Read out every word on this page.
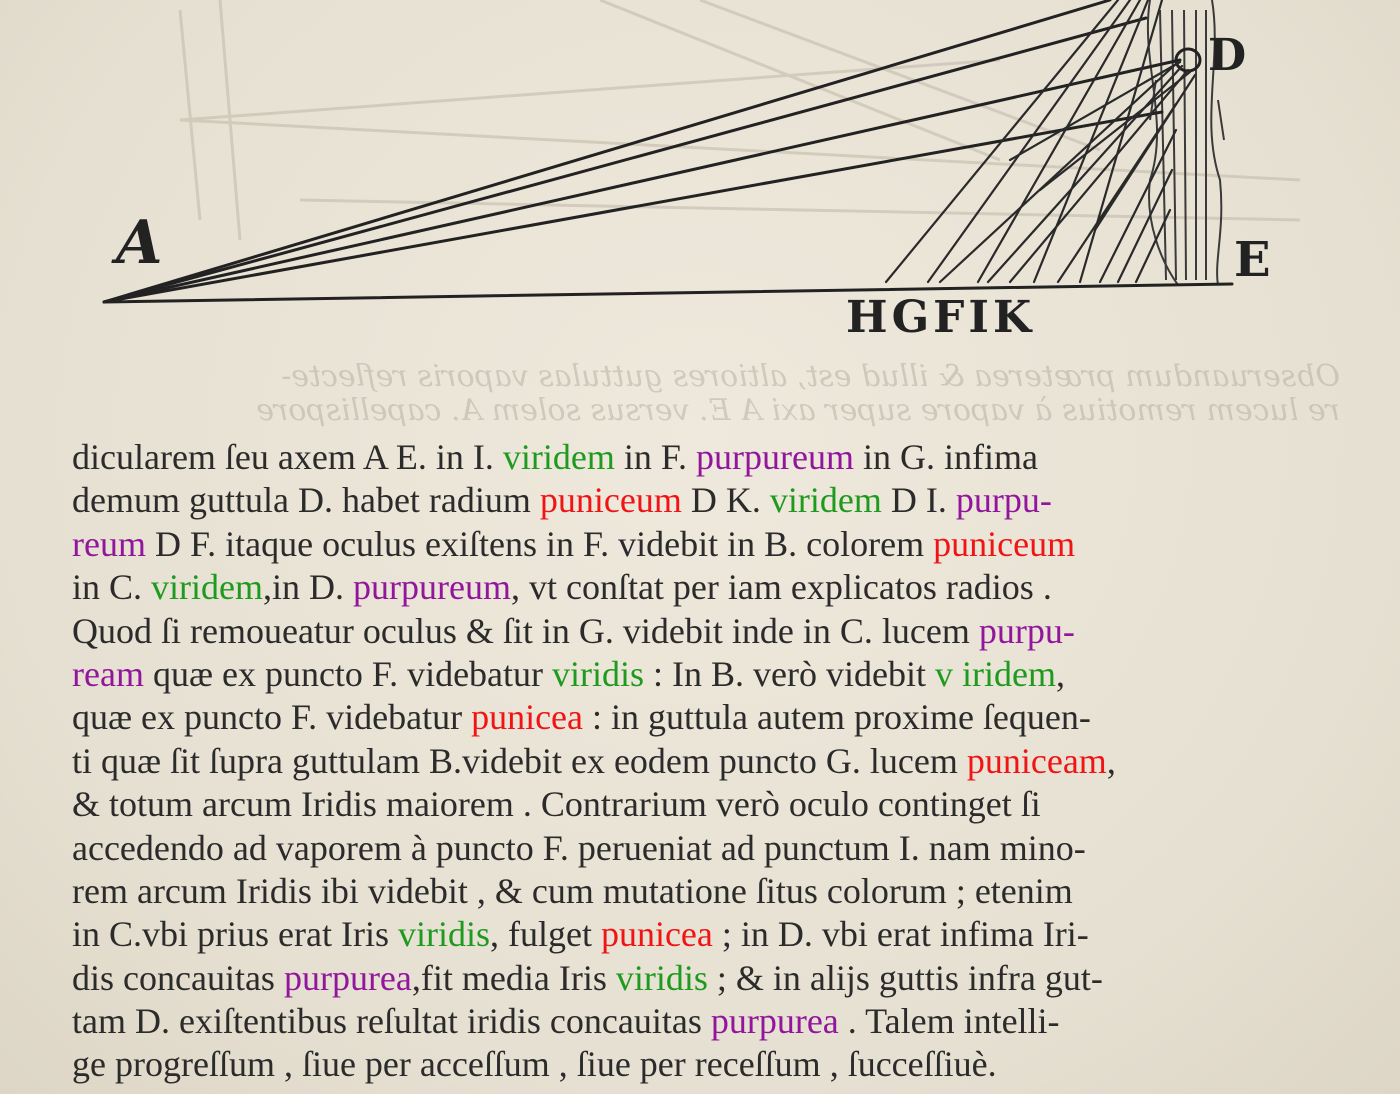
A
D
E
HGFIK
Obseruandum præterea & illud est, altiores guttulas vaporis reflecte-
re lucem remotius à vapore super axi A E. versus solem A. capellispore
dicularem ſeu axem A E. in I. viridem in F. purpureum in G. infima
demum guttula D. habet radium puniceum D K. viridem D I. purpu-
reum D F. itaque oculus exiſtens in F. videbit in B. colorem puniceum
in C. viridem,in D. purpureum, vt conſtat per iam explicatos radios .
Quod ſi remoueatur oculus & ſit in G. videbit inde in C. lucem purpu-
ream quæ ex puncto F. videbatur viridis : In B. verò videbit v iridem,
quæ ex puncto F. videbatur punicea : in guttula autem proxime ſequen-
ti quæ ſit ſupra guttulam B.videbit ex eodem puncto G. lucem puniceam,
& totum arcum Iridis maiorem . Contrarium verò oculo continget ſi
accedendo ad vaporem à puncto F. perueniat ad punctum I. nam mino-
rem arcum Iridis ibi videbit , & cum mutatione ſitus colorum ; etenim
in C.vbi prius erat Iris viridis, fulget punicea ; in D. vbi erat infima Iri-
dis concauitas purpurea,fit media Iris viridis ; & in alijs guttis infra gut-
tam D. exiſtentibus reſultat iridis concauitas purpurea . Talem intelli-
ge progreſſum , ſiue per acceſſum , ſiue per receſſum , ſucceſſiuè.
